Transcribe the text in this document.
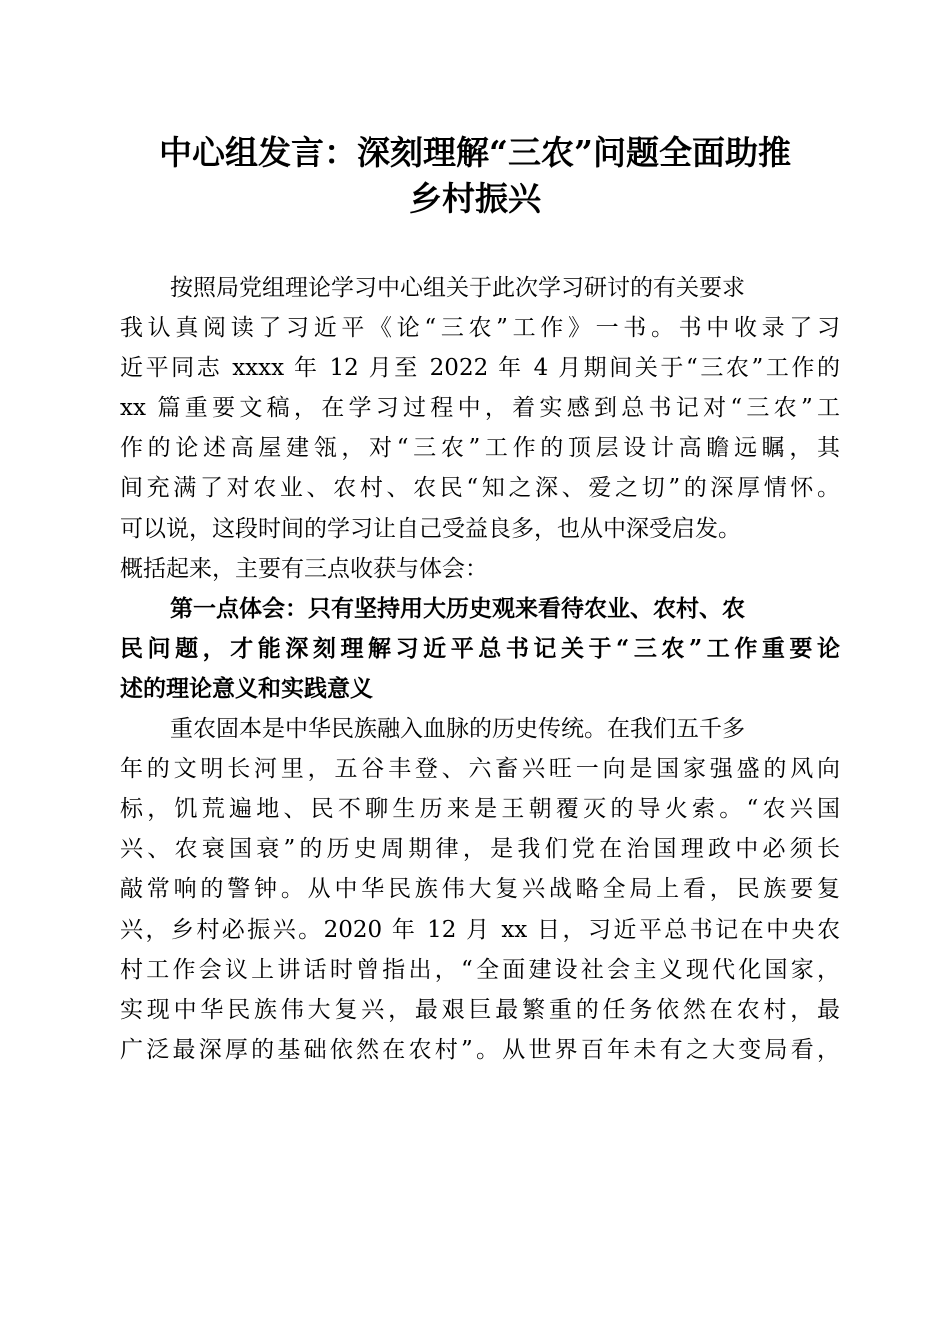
中心组发言：深刻理解“三农”问题全面助推
乡村振兴
按照局党组理论学习中心组关于此次学习研讨的有关要求
我认真阅读了习近平《论“三农”工作》一书。书中收录了习
近平同志 xxxx 年 12 月至 2022 年 4 月期间关于“三农”工作的
xx 篇重要文稿，在学习过程中，着实感到总书记对“三农”工
作的论述高屋建瓴，对“三农”工作的顶层设计高瞻远瞩，其
间充满了对农业、农村、农民“知之深、爱之切”的深厚情怀。
可以说，这段时间的学习让自己受益良多，也从中深受启发。
概括起来，主要有三点收获与体会：
第一点体会：只有坚持用大历史观来看待农业、农村、农
民问题，才能深刻理解习近平总书记关于“三农”工作重要论
述的理论意义和实践意义
重农固本是中华民族融入血脉的历史传统。在我们五千多
年的文明长河里，五谷丰登、六畜兴旺一向是国家强盛的风向
标，饥荒遍地、民不聊生历来是王朝覆灭的导火索。“农兴国
兴、农衰国衰”的历史周期律，是我们党在治国理政中必须长
敲常响的警钟。从中华民族伟大复兴战略全局上看，民族要复
兴，乡村必振兴。2020 年 12 月 xx 日，习近平总书记在中央农
村工作会议上讲话时曾指出，“全面建设社会主义现代化国家，
实现中华民族伟大复兴，最艰巨最繁重的任务依然在农村，最
广泛最深厚的基础依然在农村”。从世界百年未有之大变局看，
